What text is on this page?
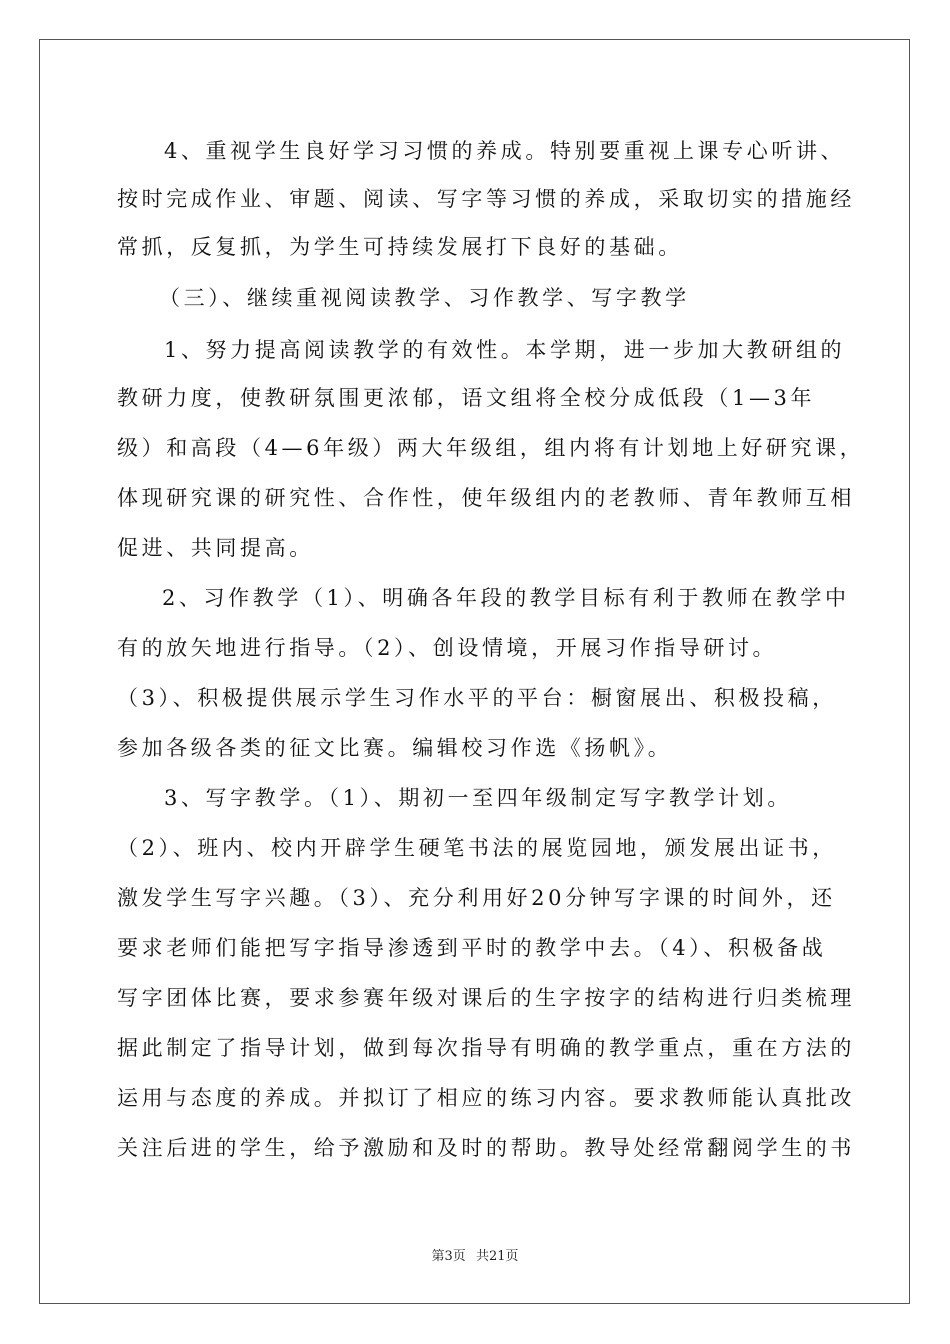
4、重视学生良好学习习惯的养成。特别要重视上课专心听讲、
按时完成作业、审题、阅读、写字等习惯的养成，采取切实的措施经
常抓，反复抓，为学生可持续发展打下良好的基础。
（三）、继续重视阅读教学、习作教学、写字教学
1、努力提高阅读教学的有效性。本学期，进一步加大教研组的
教研力度，使教研氛围更浓郁，语文组将全校分成低段（1—3年
级）和高段（4—6年级）两大年级组，组内将有计划地上好研究课，
体现研究课的研究性、合作性，使年级组内的老教师、青年教师互相
促进、共同提高。
2、习作教学（1）、明确各年段的教学目标有利于教师在教学中
有的放矢地进行指导。（2）、创设情境，开展习作指导研讨。
（3）、积极提供展示学生习作水平的平台：橱窗展出、积极投稿，
参加各级各类的征文比赛。编辑校习作选《扬帆》。
3、写字教学。（1）、期初一至四年级制定写字教学计划。
（2）、班内、校内开辟学生硬笔书法的展览园地，颁发展出证书，
激发学生写字兴趣。（3）、充分利用好20分钟写字课的时间外，还
要求老师们能把写字指导渗透到平时的教学中去。（4）、积极备战
写字团体比赛，要求参赛年级对课后的生字按字的结构进行归类梳理
据此制定了指导计划，做到每次指导有明确的教学重点，重在方法的
运用与态度的养成。并拟订了相应的练习内容。要求教师能认真批改
关注后进的学生，给予激励和及时的帮助。教导处经常翻阅学生的书
第3页 共21页
